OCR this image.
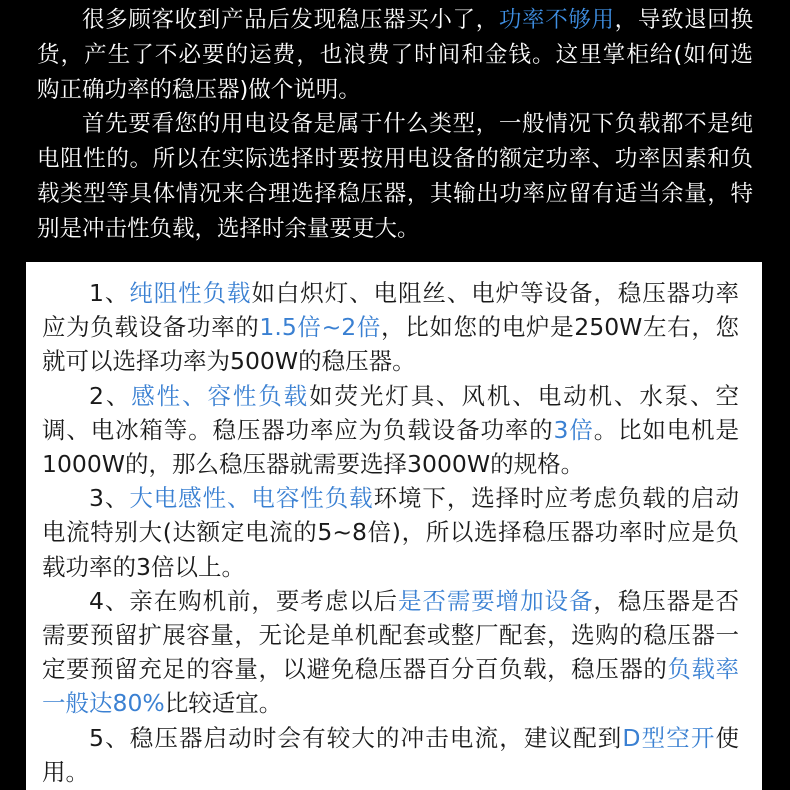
很多顾客收到产品后发现稳压器买小了，功率不够用，导致退回换
货，产生了不必要的运费，也浪费了时间和金钱。这里掌柜给(如何选
购正确功率的稳压器)做个说明。
首先要看您的用电设备是属于什么类型，一般情况下负载都不是纯
电阻性的。所以在实际选择时要按用电设备的额定功率、功率因素和负
载类型等具体情况来合理选择稳压器，其输出功率应留有适当余量，特
别是冲击性负载，选择时余量要更大。
1、纯阻性负载如白炽灯、电阻丝、电炉等设备，稳压器功率
应为负载设备功率的1.5倍~2倍，比如您的电炉是250W左右，您
就可以选择功率为500W的稳压器。
2、感性、容性负载如荧光灯具、风机、电动机、水泵、空
调、电冰箱等。稳压器功率应为负载设备功率的3倍。比如电机是
1000W的，那么稳压器就需要选择3000W的规格。
3、大电感性、电容性负载环境下，选择时应考虑负载的启动
电流特别大(达额定电流的5~8倍)，所以选择稳压器功率时应是负
载功率的3倍以上。
4、亲在购机前，要考虑以后是否需要增加设备，稳压器是否
需要预留扩展容量，无论是单机配套或整厂配套，选购的稳压器一
定要预留充足的容量，以避免稳压器百分百负载，稳压器的负载率
一般达80%比较适宜。
5、稳压器启动时会有较大的冲击电流，建议配到D型空开使
用。
